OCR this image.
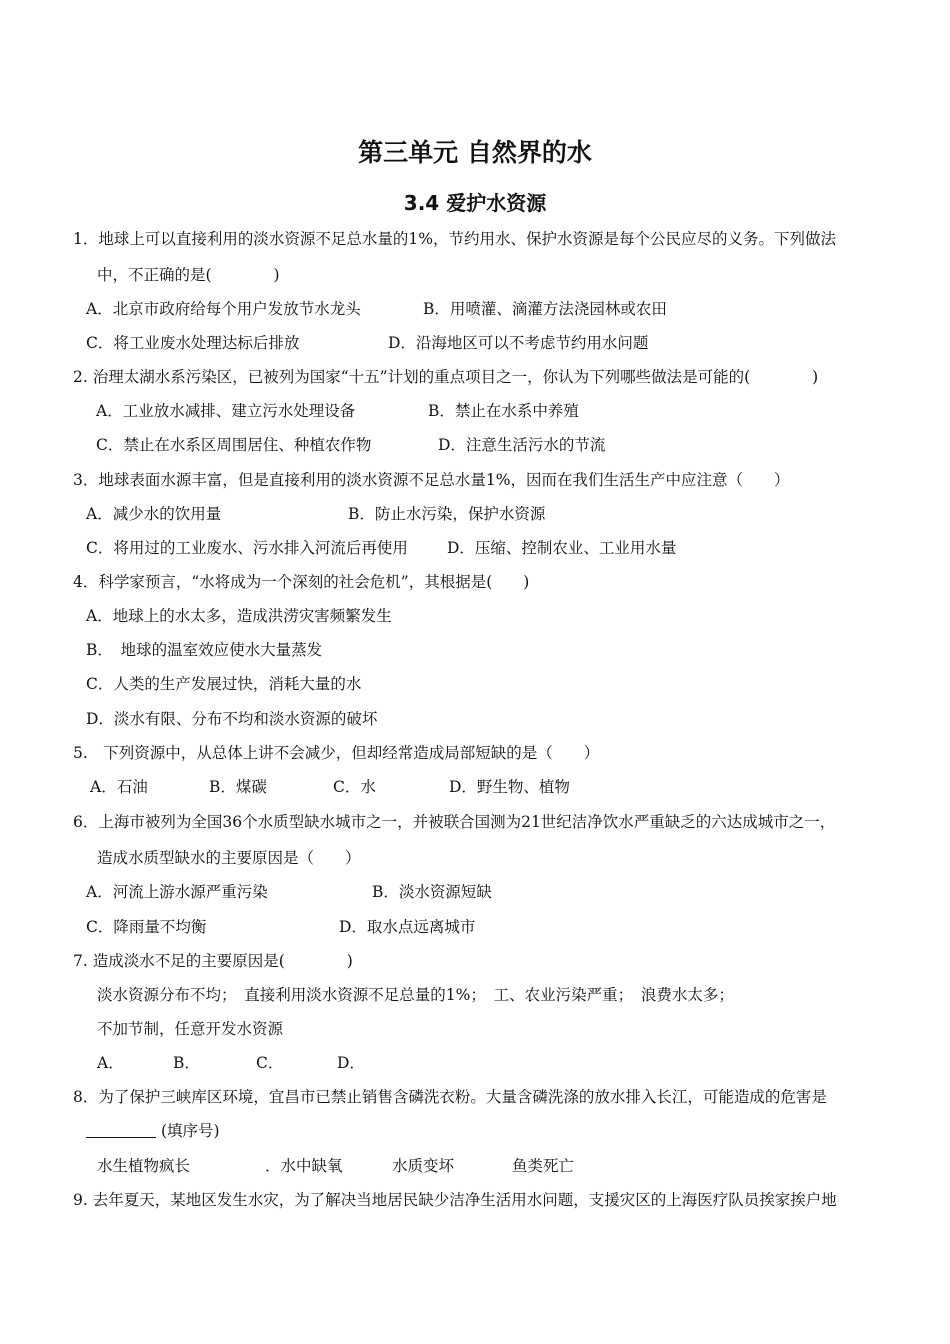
第三单元 自然界的水
3.4 爱护水资源
1．地球上可以直接利用的淡水资源不足总水量的1%，节约用水、保护水资源是每个公民应尽的义务。下列做法
中，不正确的是(　　　　)
A．北京市政府给每个用户发放节水龙头	B．用喷灌、滴灌方法浇园林或农田
C．将工业废水处理达标后排放	D．沿海地区可以不考虑节约用水问题
2. 治理太湖水系污染区，已被列为国家“十五”计划的重点项目之一，你认为下列哪些做法是可能的(　　　　)
A．工业放水减排、建立污水处理设备	B．禁止在水系中养殖
C．禁止在水系区周围居住、种植农作物	D．注意生活污水的节流
3．地球表面水源丰富，但是直接利用的淡水资源不足总水量1%，因而在我们生活生产中应注意（　　）
A．减少水的饮用量	B．防止水污染，保护水资源
C．将用过的工业废水、污水排入河流后再使用	D．压缩、控制农业、工业用水量
4．科学家预言，“水将成为一个深刻的社会危机”，其根据是(　　)
A．地球上的水太多，造成洪涝灾害频繁发生
B．　地球的温室效应使水大量蒸发
C．人类的生产发展过快，消耗大量的水
D．淡水有限、分布不均和淡水资源的破坏
5.　下列资源中，从总体上讲不会减少，但却经常造成局部短缺的是（　　）
A．石油	B．煤碳	C．水	D．野生物、植物
6．上海市被列为全国36个水质型缺水城市之一，并被联合国测为21世纪洁净饮水严重缺乏的六达成城市之一，
造成水质型缺水的主要原因是（　　）
A．河流上游水源严重污染	B．淡水资源短缺
C．降雨量不均衡	D．取水点远离城市
7. 造成淡水不足的主要原因是(　　　　)
淡水资源分布不均；　直接利用淡水资源不足总量的1%；　工、农业污染严重；　浪费水太多；
不加节制，任意开发水资源
A．	B．	C．	D．
8．为了保护三峡库区环境，宜昌市已禁止销售含磷洗衣粉。大量含磷洗涤的放水排入长江，可能造成的危害是
(填序号)
水生植物疯长	．水中缺氧	水质变坏	鱼类死亡
9. 去年夏天，某地区发生水灾，为了解决当地居民缺少洁净生活用水问题，支援灾区的上海医疗队员挨家挨户地
